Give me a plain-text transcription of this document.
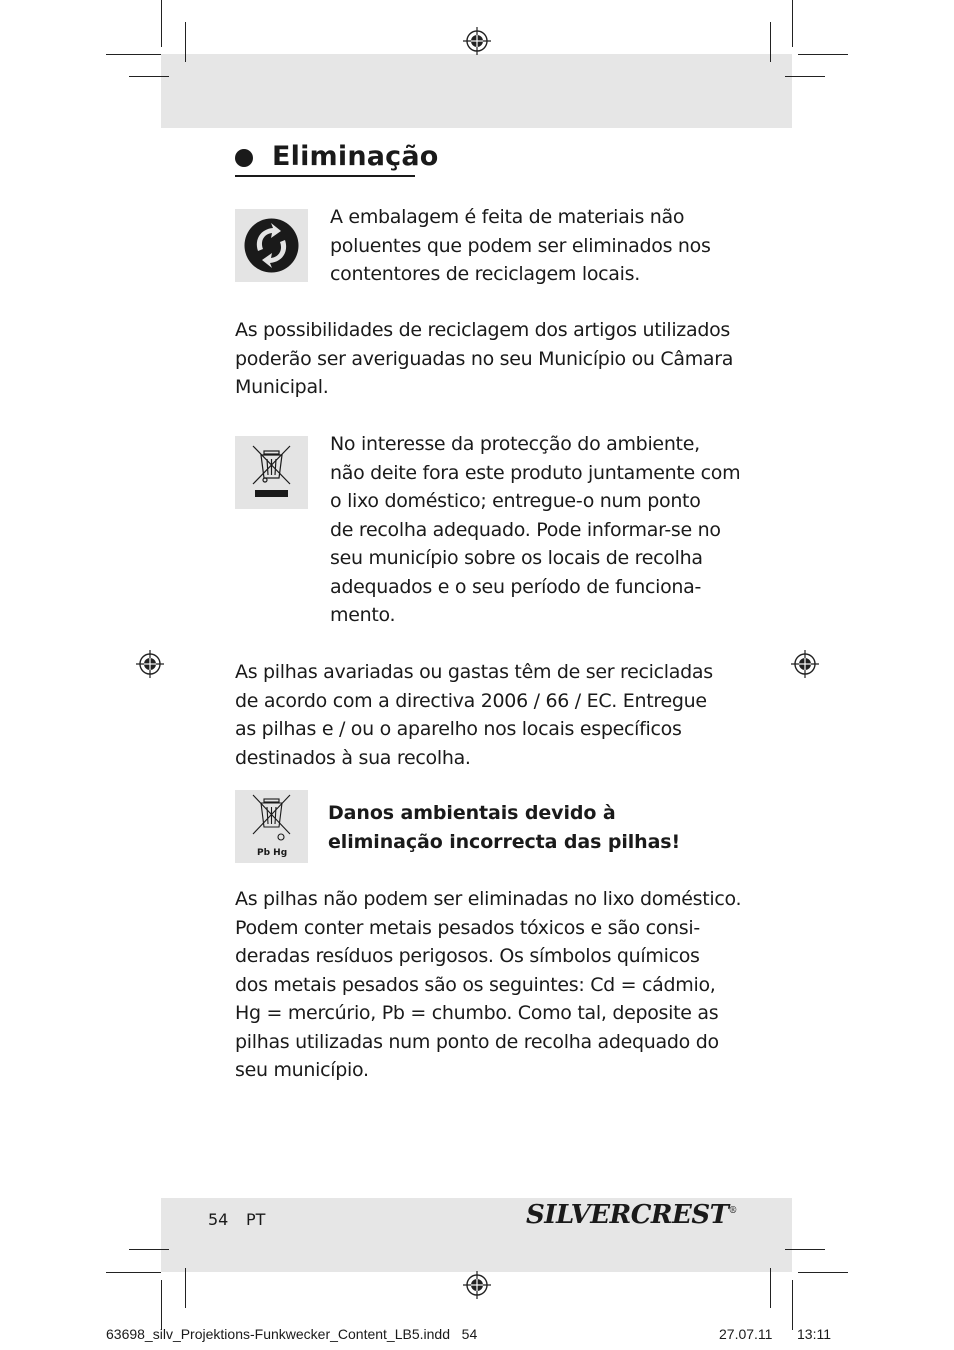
Eliminação
A embalagem é feita de materiais não
poluentes que podem ser eliminados nos
contentores de reciclagem locais.
As possibilidades de reciclagem dos artigos utilizados
poderão ser averiguadas no seu Município ou Câmara
Municipal.
No interesse da protecção do ambiente,
não deite fora este produto juntamente com
o lixo doméstico; entregue-o num ponto
de recolha adequado. Pode informar-se no
seu município sobre os locais de recolha
adequados e o seu período de funciona-
mento.
As pilhas avariadas ou gastas têm de ser recicladas
de acordo com a directiva 2006 / 66 / EC. Entregue
as pilhas e / ou o aparelho nos locais específicos
destinados à sua recolha.
Pb Hg
Danos ambientais devido à
eliminação incorrecta das pilhas!
As pilhas não podem ser eliminadas no lixo doméstico.
Podem conter metais pesados tóxicos e são consi-
deradas resíduos perigosos. Os símbolos químicos
dos metais pesados são os seguintes: Cd = cádmio,
Hg = mercúrio, Pb = chumbo. Como tal, deposite as
pilhas utilizadas num ponto de recolha adequado do
seu município.
54 PT	SILVERCREST®
63698_silv_Projektions-Funkwecker_Content_LB5.indd   54	27.07.11 13:11
